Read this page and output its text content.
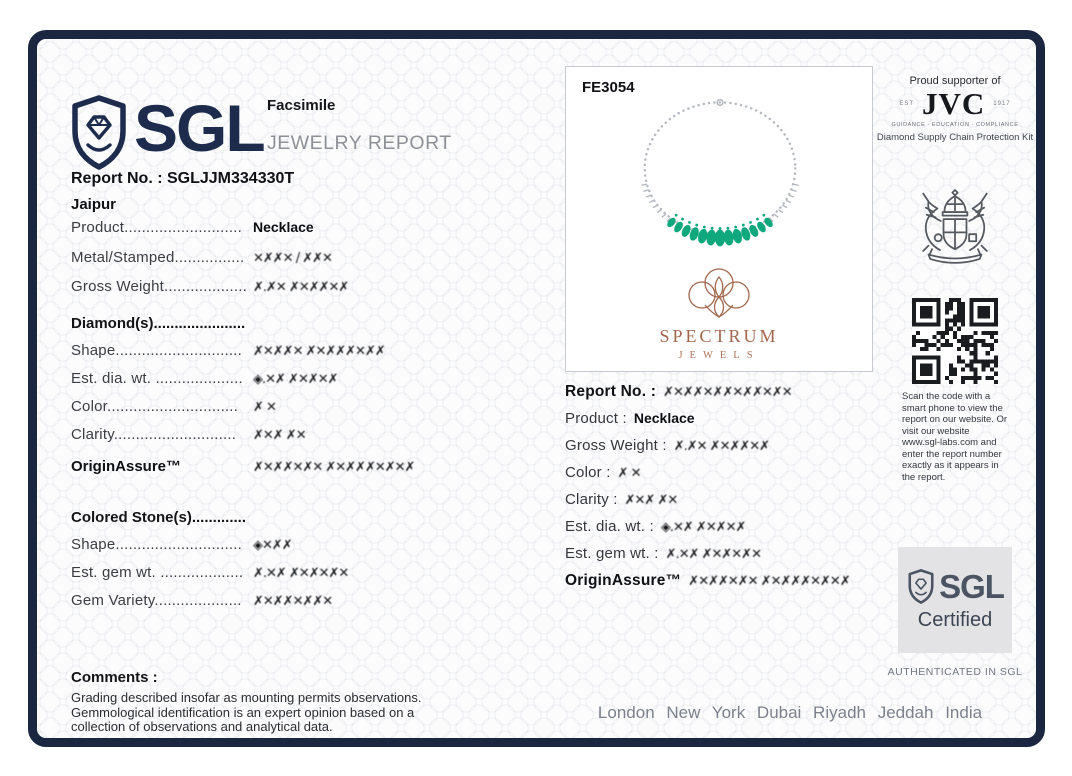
SGL Facsimile
JEWELRY REPORT
Report No. : SGLJJM334330T
Jaipur
Product........................... Necklace
Metal/Stamped................ ✕✗✗✕ / ✗✗✕
Gross Weight................... ✗.✗✕ ✗✕✗✗✕✗
Diamond(s)......................
Shape............................. ✗✕✗✗✕ ✗✕✗✗✗✕✗✗
Est. dia. wt. .................... ◈.✕✗ ✗✕✗✕✗
Color..............................	✗ ✕
Clarity............................	✗✕✗ ✗✕
OriginAssure™	✗✕✗✗✕✗✕ ✗✕✗✗✗✕✗✕✗
Colored Stone(s).............
Shape............................. ◈✕✗✗
Est. gem wt. ................... ✗.✕✗ ✗✕✗✕✗✕
Gem Variety.................... ✗✕✗✗✕✗✗✕
Comments :
Grading described insofar as mounting permits observations. Gemmological identification is an expert opinion based on a collection of observations and analytical data.
FE3054
SPECTRUM
JEWELS
Report No. : ✗✕✗✗✕✗✗✕✗✗✕✗✕
Product : Necklace
Gross Weight : ✗.✗✕ ✗✕✗✗✕✗
Color : ✗ ✕
Clarity : ✗✕✗ ✗✕
Est. dia. wt. : ◈.✕✗ ✗✕✗✕✗
Est. gem wt. : ✗.✕✗ ✗✕✗✕✗✕
OriginAssure™ ✗✕✗✗✕✗✕ ✗✕✗✗✗✕✗✕✗
Proud supporter of
EST JVC 1917
GUIDANCE · EDUCATION · COMPLIANCE
Diamond Supply Chain Protection Kit
Scan the code with a smart phone to view the report on our website. Or visit our website www.sgl-labs.com and enter the report number exactly as it appears in the report.
SGL
Certified
AUTHENTICATED IN SGL
London New York Dubai Riyadh Jeddah India
